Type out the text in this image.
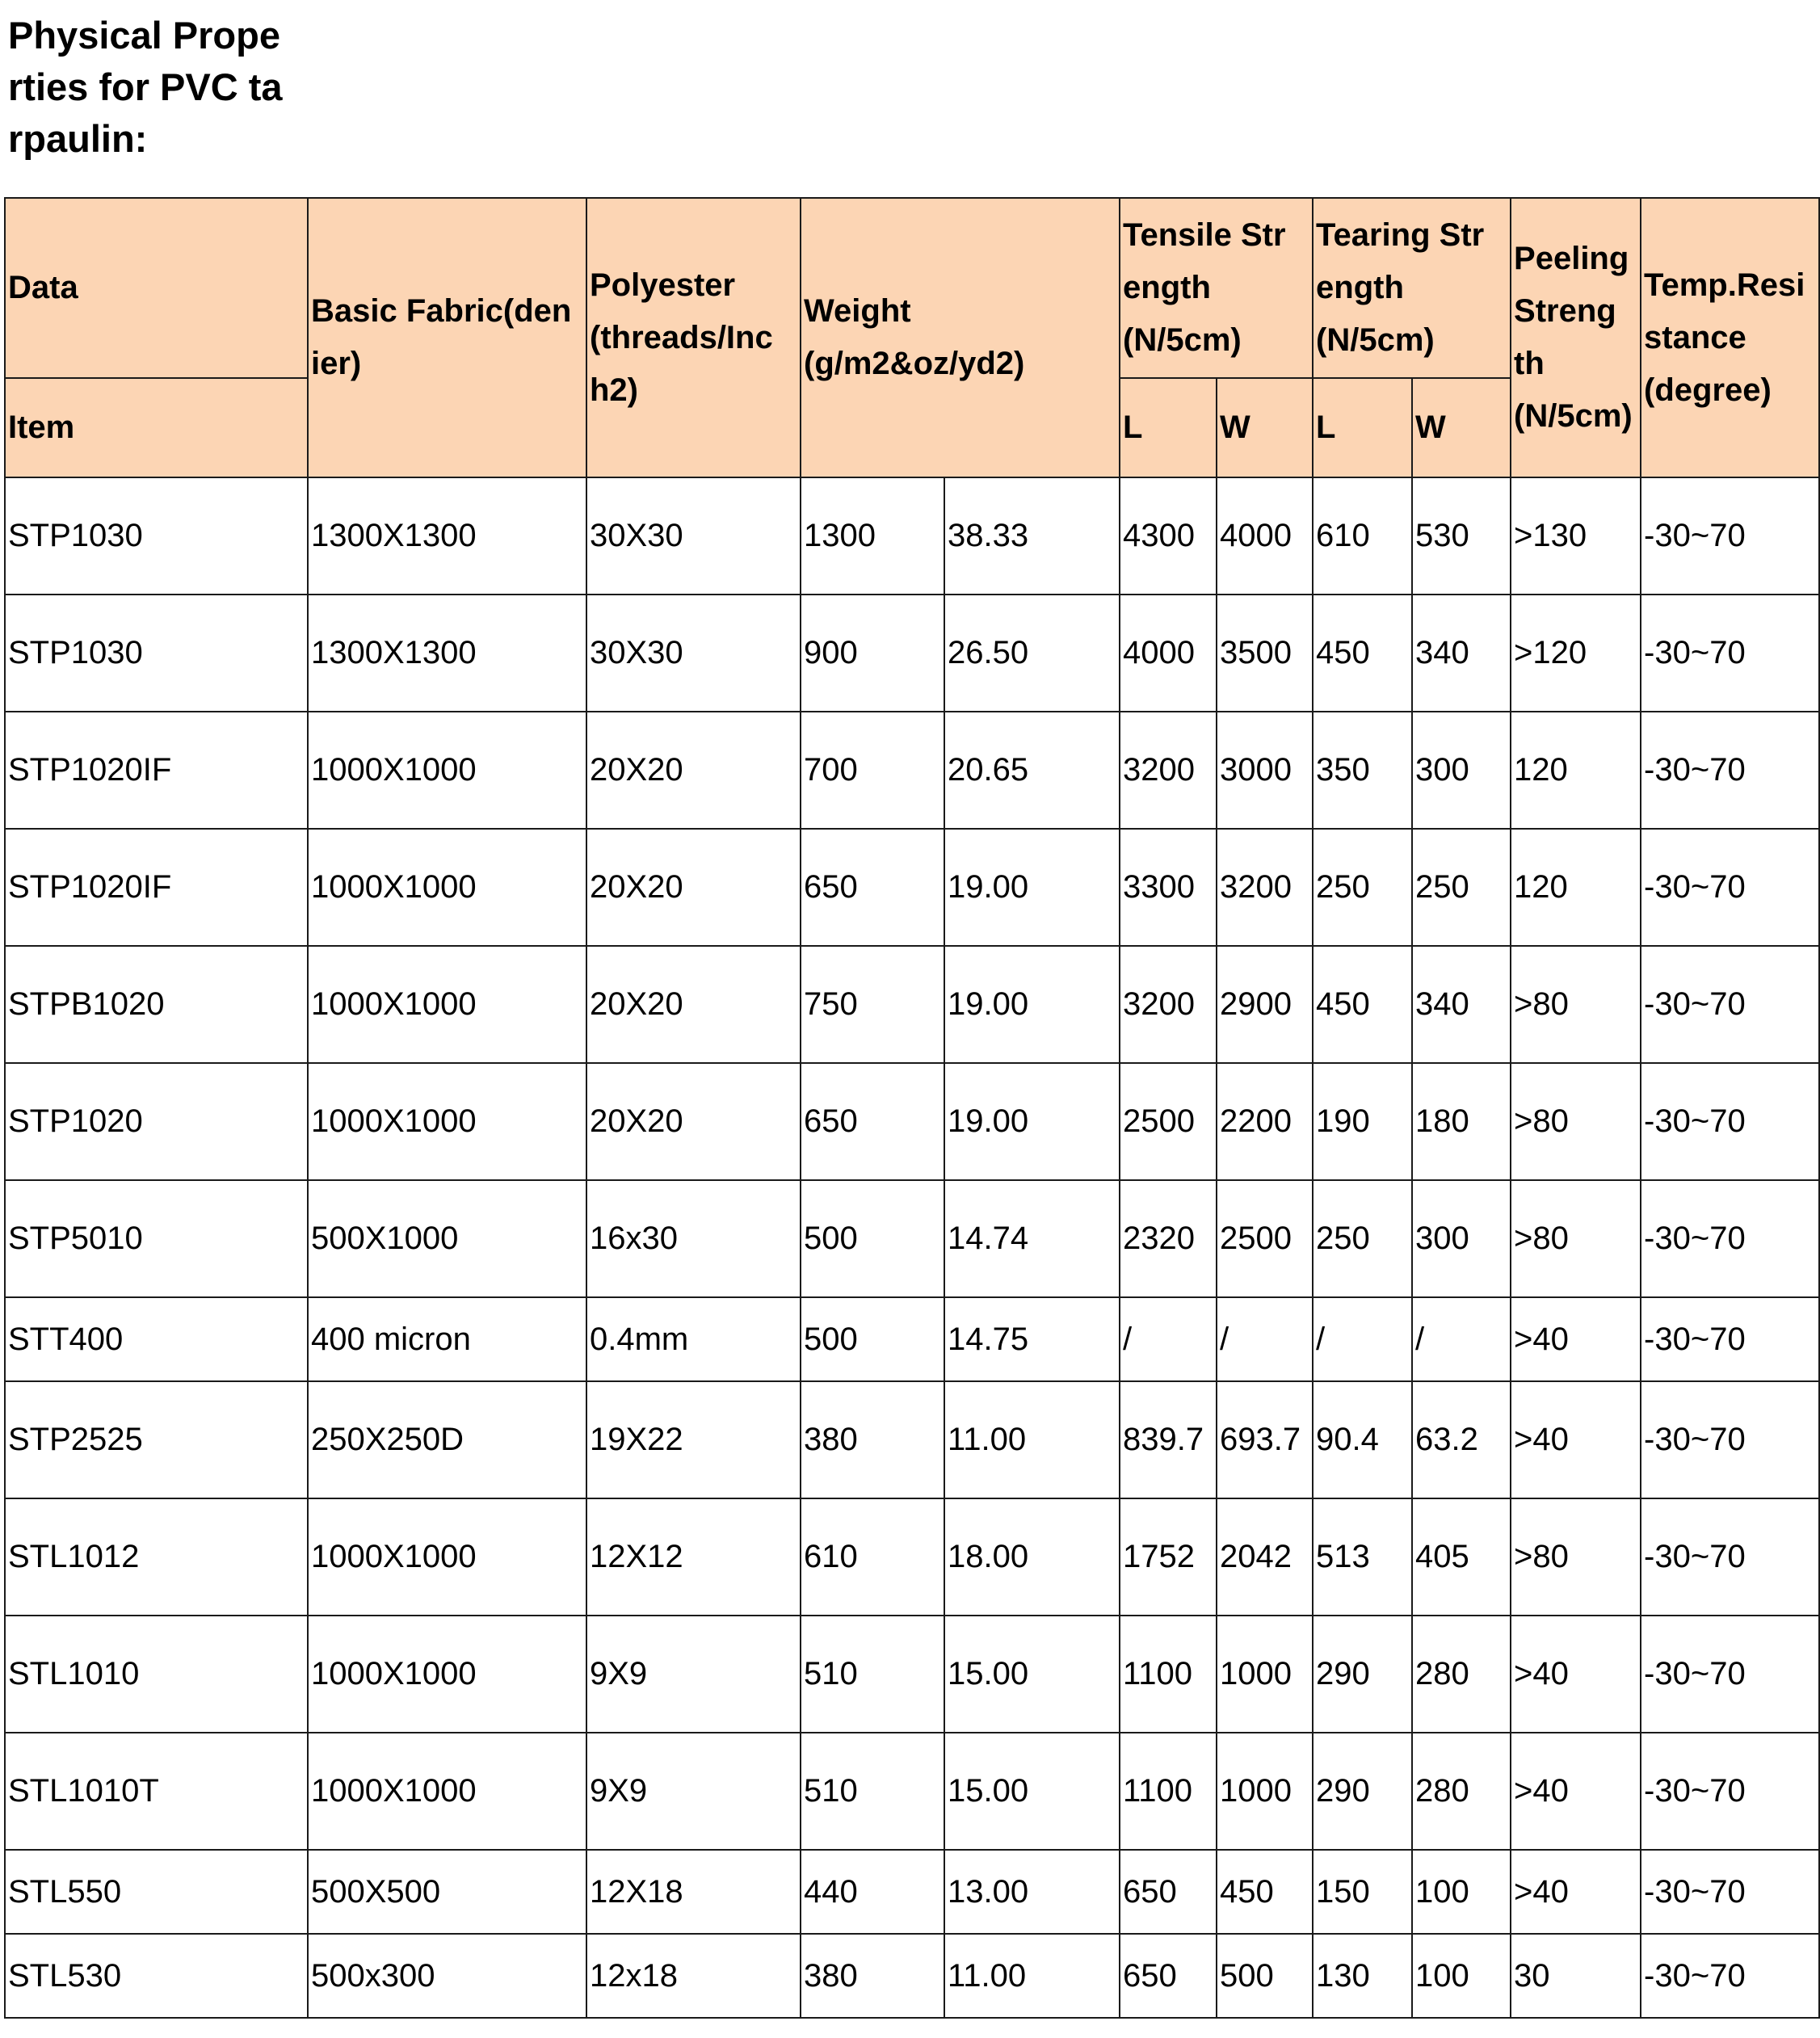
Physical Prope
rties for PVC ta
rpaulin:
Data	Basic Fabric(den
ier)	Polyester
(threads/Inc
h2)	Weight
(g/m2&oz/yd2)		Tensile Str
ength
(N/5cm)		Tearing Str
ength
(N/5cm)		Peeling
Streng
th
(N/5cm)	Temp.Resi
stance
(degree)
Item					L	W	L	W		
STP1030	1300X1300	30X30	1300	38.33	4300	4000	610	530	>130	-30~70
STP1030	1300X1300	30X30	900	26.50	4000	3500	450	340	>120	-30~70
STP1020IF	1000X1000	20X20	700	20.65	3200	3000	350	300	120	-30~70
STP1020IF	1000X1000	20X20	650	19.00	3300	3200	250	250	120	-30~70
STPB1020	1000X1000	20X20	750	19.00	3200	2900	450	340	>80	-30~70
STP1020	1000X1000	20X20	650	19.00	2500	2200	190	180	>80	-30~70
STP5010	500X1000	16x30	500	14.74	2320	2500	250	300	>80	-30~70
STT400	400 micron	0.4mm	500	14.75	/	/	/	/	>40	-30~70
STP2525	250X250D	19X22	380	11.00	839.7	693.7	90.4	63.2	>40	-30~70
STL1012	1000X1000	12X12	610	18.00	1752	2042	513	405	>80	-30~70
STL1010	1000X1000	9X9	510	15.00	1100	1000	290	280	>40	-30~70
STL1010T	1000X1000	9X9	510	15.00	1100	1000	290	280	>40	-30~70
STL550	500X500	12X18	440	13.00	650	450	150	100	>40	-30~70
STL530	500x300	12x18	380	11.00	650	500	130	100	30	-30~70
